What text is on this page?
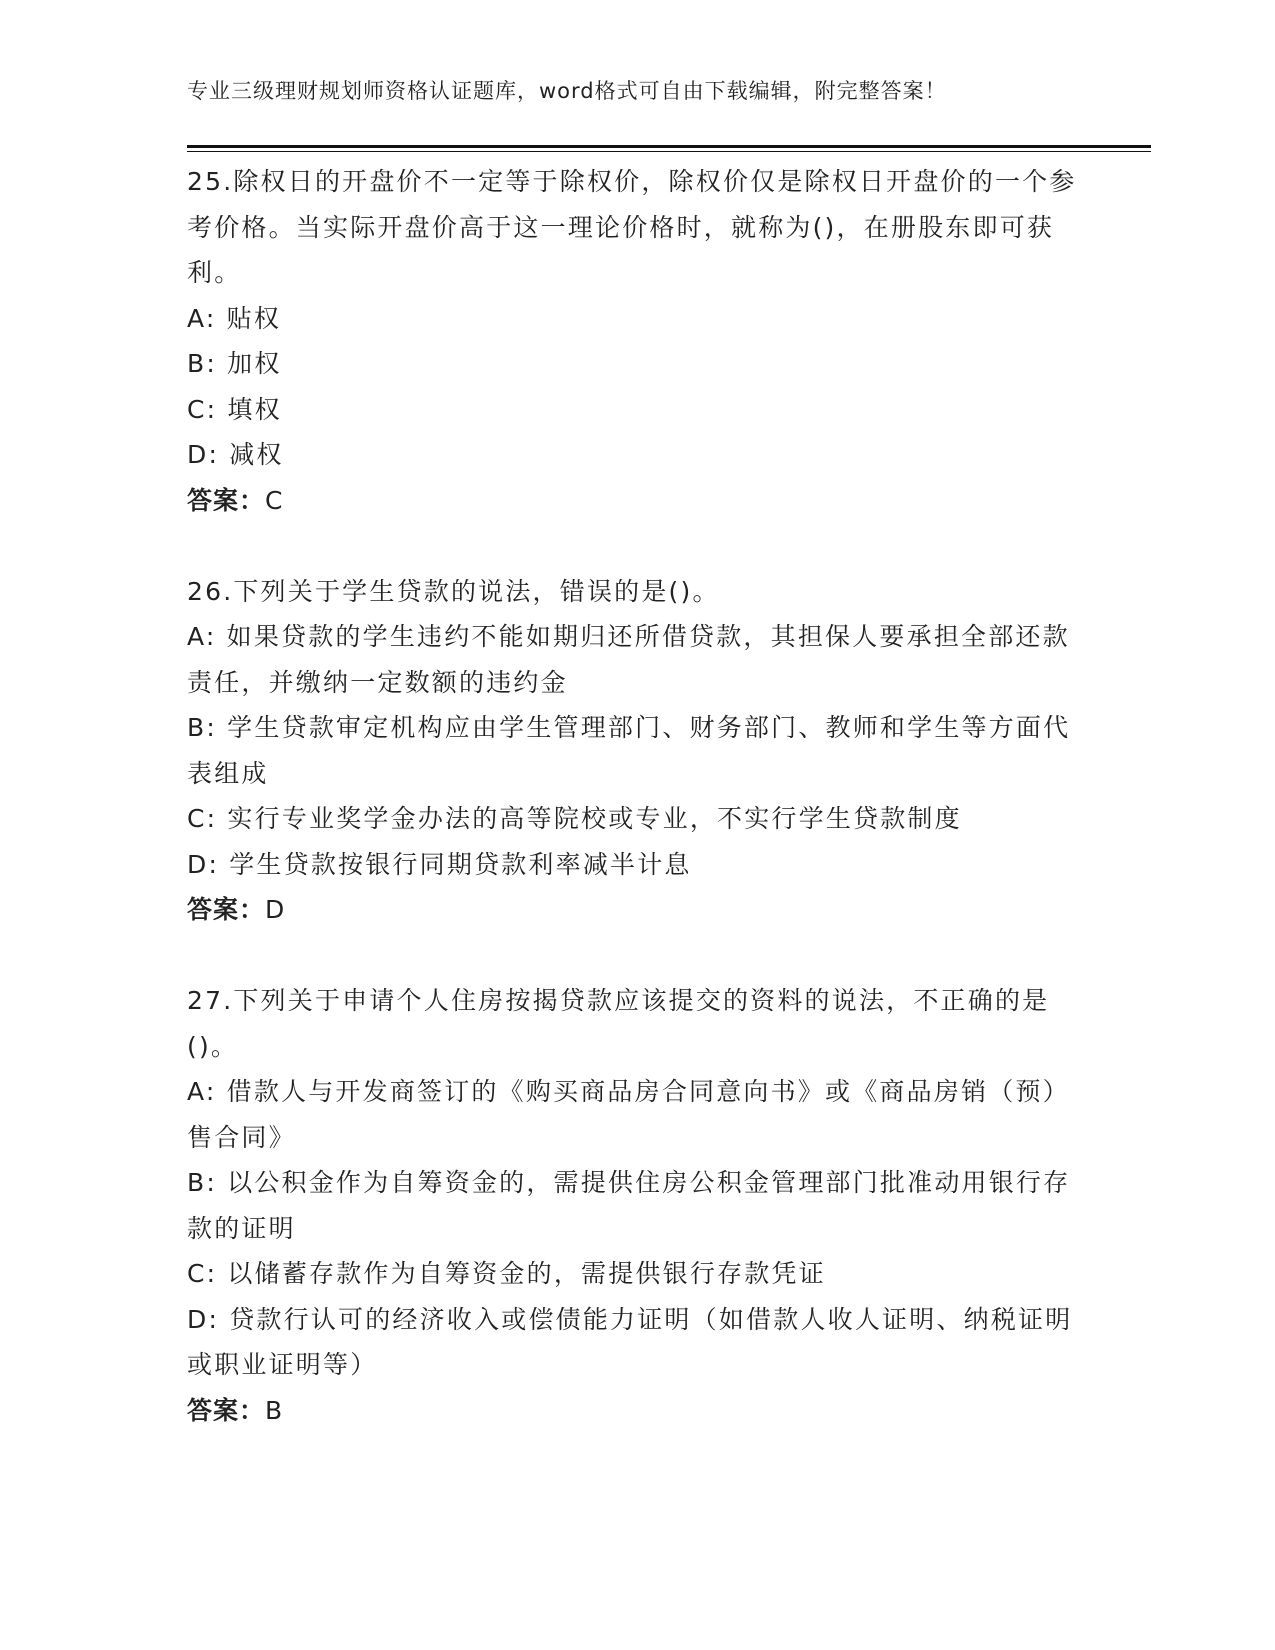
专业三级理财规划师资格认证题库，word格式可自由下载编辑，附完整答案！

25.除权日的开盘价不一定等于除权价，除权价仅是除权日开盘价的一个参考价格。当实际开盘价高于这一理论价格时，就称为()，在册股东即可获利。

A: 贴权

B: 加权

C: 填权

D: 减权

答案：C

26.下列关于学生贷款的说法，错误的是()。

A: 如果贷款的学生违约不能如期归还所借贷款，其担保人要承担全部还款责任，并缴纳一定数额的违约金

B: 学生贷款审定机构应由学生管理部门、财务部门、教师和学生等方面代表组成

C: 实行专业奖学金办法的高等院校或专业，不实行学生贷款制度

D: 学生贷款按银行同期贷款利率减半计息

答案：D

27.下列关于申请个人住房按揭贷款应该提交的资料的说法，不正确的是()。

A: 借款人与开发商签订的《购买商品房合同意向书》或《商品房销（预）售合同》

B: 以公积金作为自筹资金的，需提供住房公积金管理部门批准动用银行存款的证明

C: 以储蓄存款作为自筹资金的，需提供银行存款凭证

D: 贷款行认可的经济收入或偿债能力证明（如借款人收人证明、纳税证明或职业证明等）

答案：B
